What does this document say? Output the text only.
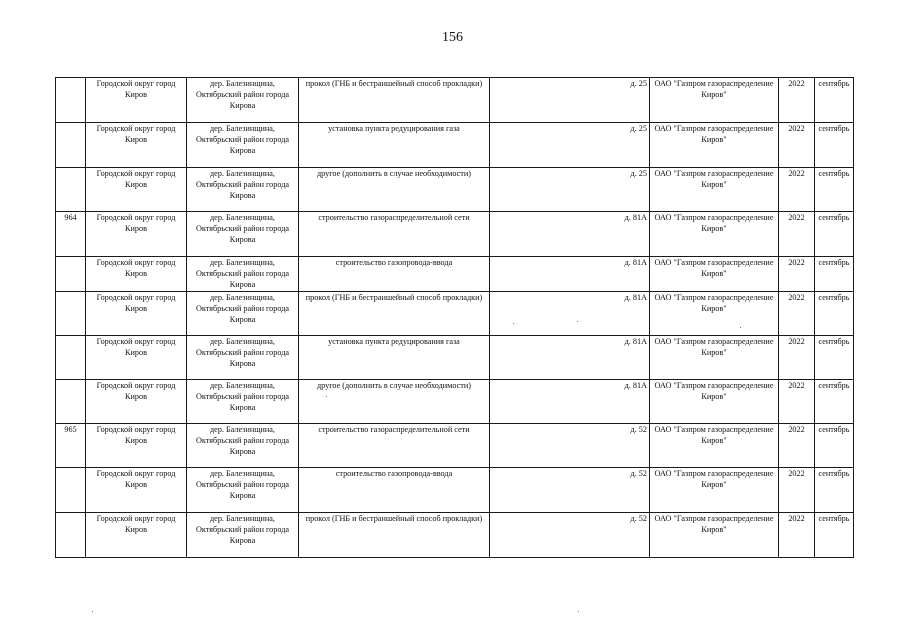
156
	Городской округ город Киров	дер. Балезинщина, Октябрьский район города Кирова	прокол (ГНБ и бестраншейный способ прокладки)	д. 25	ОАО "Газпром газораспределение Киров"	2022	сентябрь
	Городской округ город Киров	дер. Балезинщина, Октябрьский район города Кирова	установка пункта редуцирования газа	д. 25	ОАО "Газпром газораспределение Киров"	2022	сентябрь
	Городской округ город Киров	дер. Балезинщина, Октябрьский район города Кирова	другое (дополнить в случае необходимости)	д. 25	ОАО "Газпром газораспределение Киров"	2022	сентябрь
964	Городской округ город Киров	дер. Балезинщина, Октябрьский район города Кирова	строительство газораспределительной сети	д. 81А	ОАО "Газпром газораспределение Киров"	2022	сентябрь
	Городской округ город Киров	дер. Балезинщина, Октябрьский район города Кирова	строительство газопровода-ввода	д. 81А	ОАО "Газпром газораспределение Киров"	2022	сентябрь
	Городской округ город Киров	дер. Балезинщина, Октябрьский район города Кирова	прокол (ГНБ и бестраншейный способ прокладки)	д. 81А	ОАО "Газпром газораспределение Киров"	2022	сентябрь
	Городской округ город Киров	дер. Балезинщина, Октябрьский район города Кирова	установка пункта редуцирования газа	д. 81А	ОАО "Газпром газораспределение Киров"	2022	сентябрь
	Городской округ город Киров	дер. Балезинщина, Октябрьский район города Кирова	другое (дополнить в случае необходимости)	д. 81А	ОАО "Газпром газораспределение Киров"	2022	сентябрь
965	Городской округ город Киров	дер. Балезинщина, Октябрьский район города Кирова	строительство газораспределительной сети	д. 52	ОАО "Газпром газораспределение Киров"	2022	сентябрь
	Городской округ город Киров	дер. Балезинщина, Октябрьский район города Кирова	строительство газопровода-ввода	д. 52	ОАО "Газпром газораспределение Киров"	2022	сентябрь
	Городской округ город Киров	дер. Балезинщина, Октябрьский район города Кирова	прокол (ГНБ и бестраншейный способ прокладки)	д. 52	ОАО "Газпром газораспределение Киров"	2022	сентябрь
